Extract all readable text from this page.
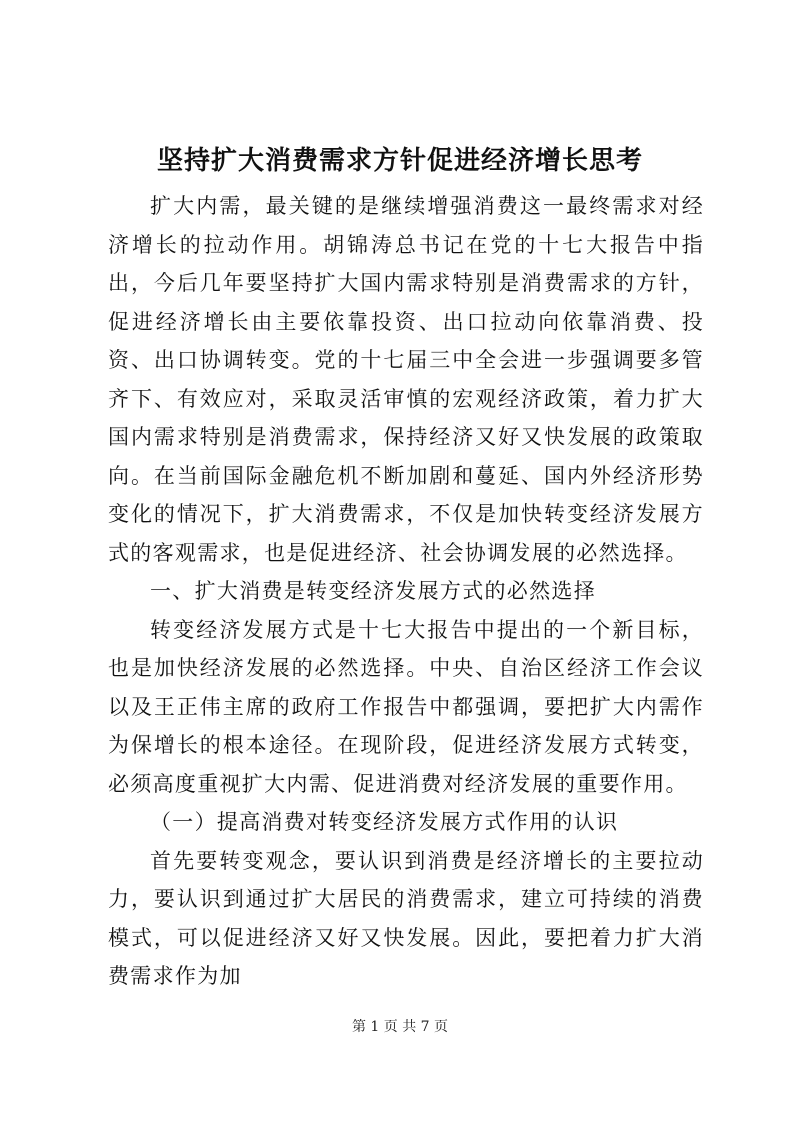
坚持扩大消费需求方针促进经济增长思考

扩大内需，最关键的是继续增强消费这一最终需求对经济增长的拉动作用。胡锦涛总书记在党的十七大报告中指出，今后几年要坚持扩大国内需求特别是消费需求的方针，促进经济增长由主要依靠投资、出口拉动向依靠消费、投资、出口协调转变。党的十七届三中全会进一步强调要多管齐下、有效应对，采取灵活审慎的宏观经济政策，着力扩大国内需求特别是消费需求，保持经济又好又快发展的政策取向。在当前国际金融危机不断加剧和蔓延、国内外经济形势变化的情况下，扩大消费需求，不仅是加快转变经济发展方式的客观需求，也是促进经济、社会协调发展的必然选择。

一、扩大消费是转变经济发展方式的必然选择

转变经济发展方式是十七大报告中提出的一个新目标，也是加快经济发展的必然选择。中央、自治区经济工作会议以及王正伟主席的政府工作报告中都强调，要把扩大内需作为保增长的根本途径。在现阶段，促进经济发展方式转变，必须高度重视扩大内需、促进消费对经济发展的重要作用。

（一）提高消费对转变经济发展方式作用的认识

首先要转变观念，要认识到消费是经济增长的主要拉动力，要认识到通过扩大居民的消费需求，建立可持续的消费模式，可以促进经济又好又快发展。因此，要把着力扩大消费需求作为加

第 1 页 共 7 页
